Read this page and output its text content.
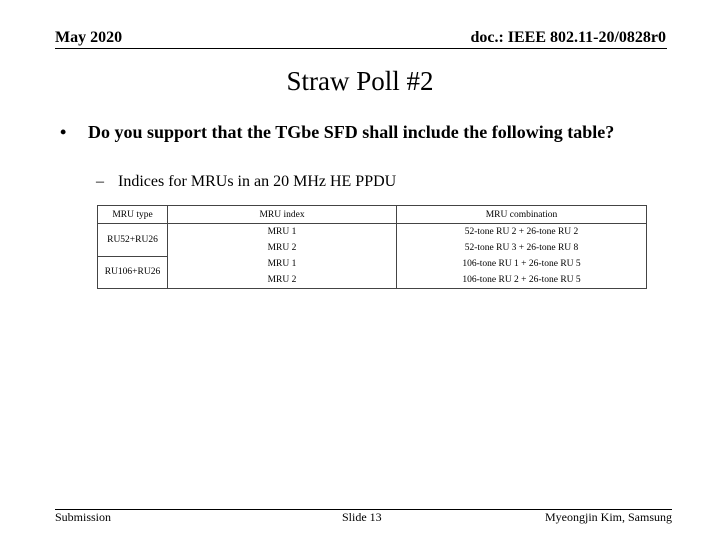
May 2020	doc.: IEEE 802.11-20/0828r0
Straw Poll #2
• Do you support that the TGbe SFD shall include the following table?
– Indices for MRUs in an 20 MHz HE PPDU
MRU type	MRU index	MRU combination
RU52+RU26	MRU 1	52-tone RU 2 + 26-tone RU 2
	MRU 2	52-tone RU 3 + 26-tone RU 8
RU106+RU26	MRU 1	106-tone RU 1 + 26-tone RU 5
	MRU 2	106-tone RU 2 + 26-tone RU 5
Submission	Slide 13	Myeongjin Kim, Samsung
